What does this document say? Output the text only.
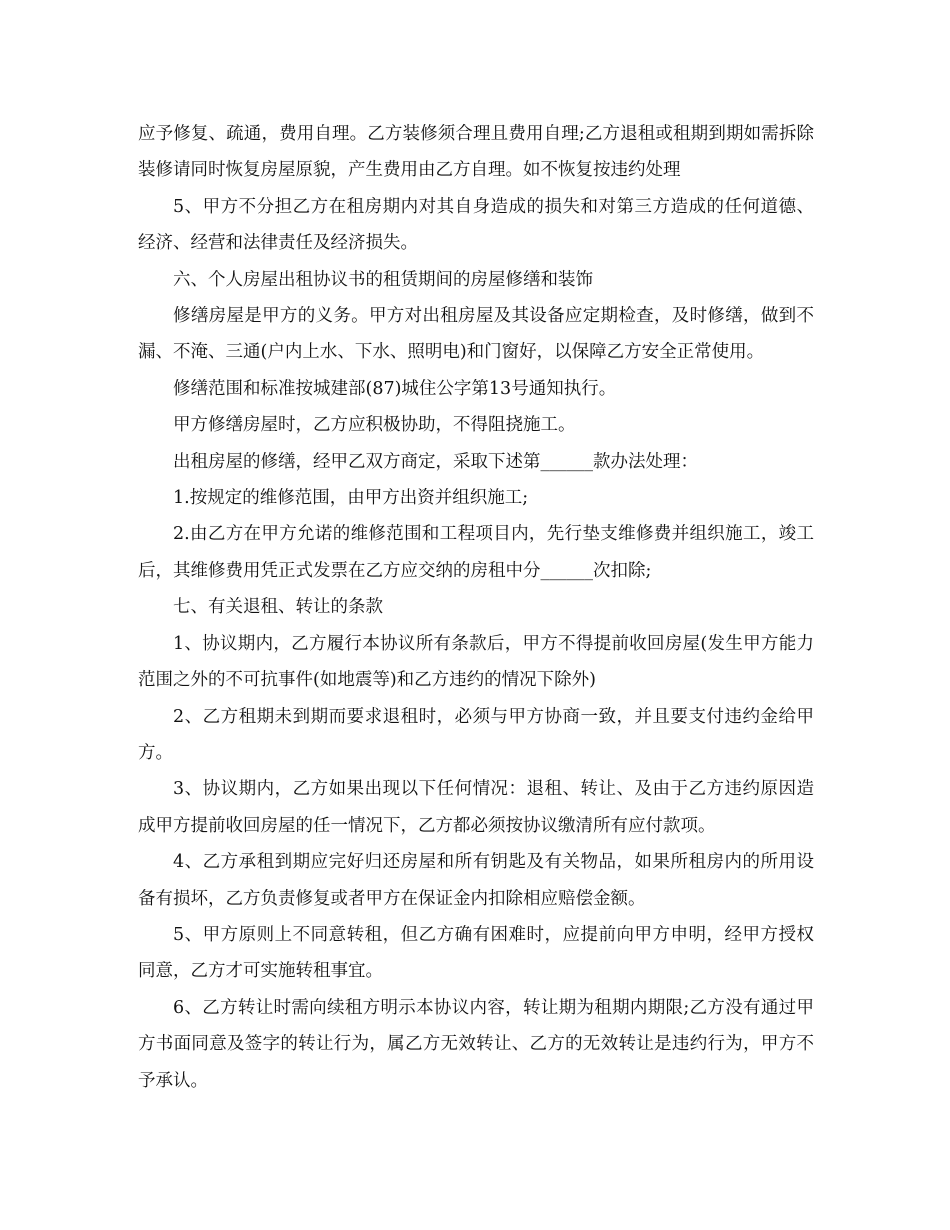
应予修复、疏通，费用自理。乙方装修须合理且费用自理;乙方退租或租期到期如需拆除装修请同时恢复房屋原貌，产生费用由乙方自理。如不恢复按违约处理

5、甲方不分担乙方在租房期内对其自身造成的损失和对第三方造成的任何道德、经济、经营和法律责任及经济损失。

六、个人房屋出租协议书的租赁期间的房屋修缮和装饰

修缮房屋是甲方的义务。甲方对出租房屋及其设备应定期检查，及时修缮，做到不漏、不淹、三通(户内上水、下水、照明电)和门窗好，以保障乙方安全正常使用。

修缮范围和标准按城建部(87)城住公字第13号通知执行。

甲方修缮房屋时，乙方应积极协助，不得阻挠施工。

出租房屋的修缮，经甲乙双方商定，采取下述第______款办法处理：

1.按规定的维修范围，由甲方出资并组织施工;

2.由乙方在甲方允诺的维修范围和工程项目内，先行垫支维修费并组织施工，竣工后，其维修费用凭正式发票在乙方应交纳的房租中分______次扣除;

七、有关退租、转让的条款

1、协议期内，乙方履行本协议所有条款后，甲方不得提前收回房屋(发生甲方能力范围之外的不可抗事件(如地震等)和乙方违约的情况下除外)

2、乙方租期未到期而要求退租时，必须与甲方协商一致，并且要支付违约金给甲方。

3、协议期内，乙方如果出现以下任何情况：退租、转让、及由于乙方违约原因造成甲方提前收回房屋的任一情况下，乙方都必须按协议缴清所有应付款项。

4、乙方承租到期应完好归还房屋和所有钥匙及有关物品，如果所租房内的所用设备有损坏，乙方负责修复或者甲方在保证金内扣除相应赔偿金额。

5、甲方原则上不同意转租，但乙方确有困难时，应提前向甲方申明，经甲方授权同意，乙方才可实施转租事宜。

6、乙方转让时需向续租方明示本协议内容，转让期为租期内期限;乙方没有通过甲方书面同意及签字的转让行为，属乙方无效转让、乙方的无效转让是违约行为，甲方不予承认。
